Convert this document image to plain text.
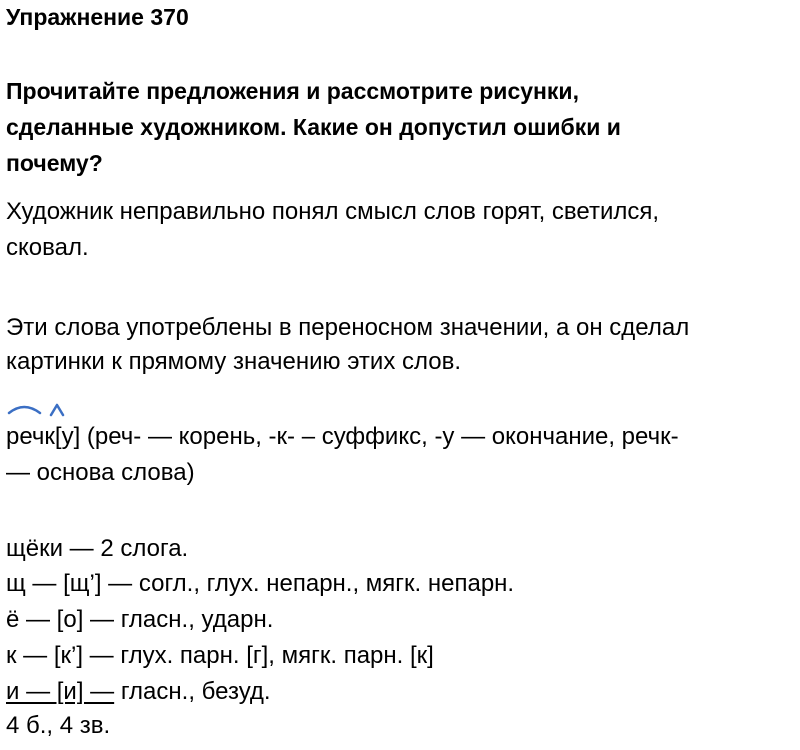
Упражнение 370
Прочитайте предложения и рассмотрите рисунки,
сделанные художником. Какие он допустил ошибки и
почему?
Художник неправильно понял смысл слов горят, светился,
сковал.
Эти слова употреблены в переносном значении, а он сделал
картинки к прямому значению этих слов.
речк[у] (реч- — корень, -к- – суффикс, -у — окончание, речк-
— основа слова)
щёки — 2 слога.
щ — [щ’] — согл., глух. непарн., мягк. непарн.
ё — [о] — гласн., ударн.
к — [к’] — глух. парн. [г], мягк. парн. [к]
и — [и] — гласн., безуд.
4 б., 4 зв.
